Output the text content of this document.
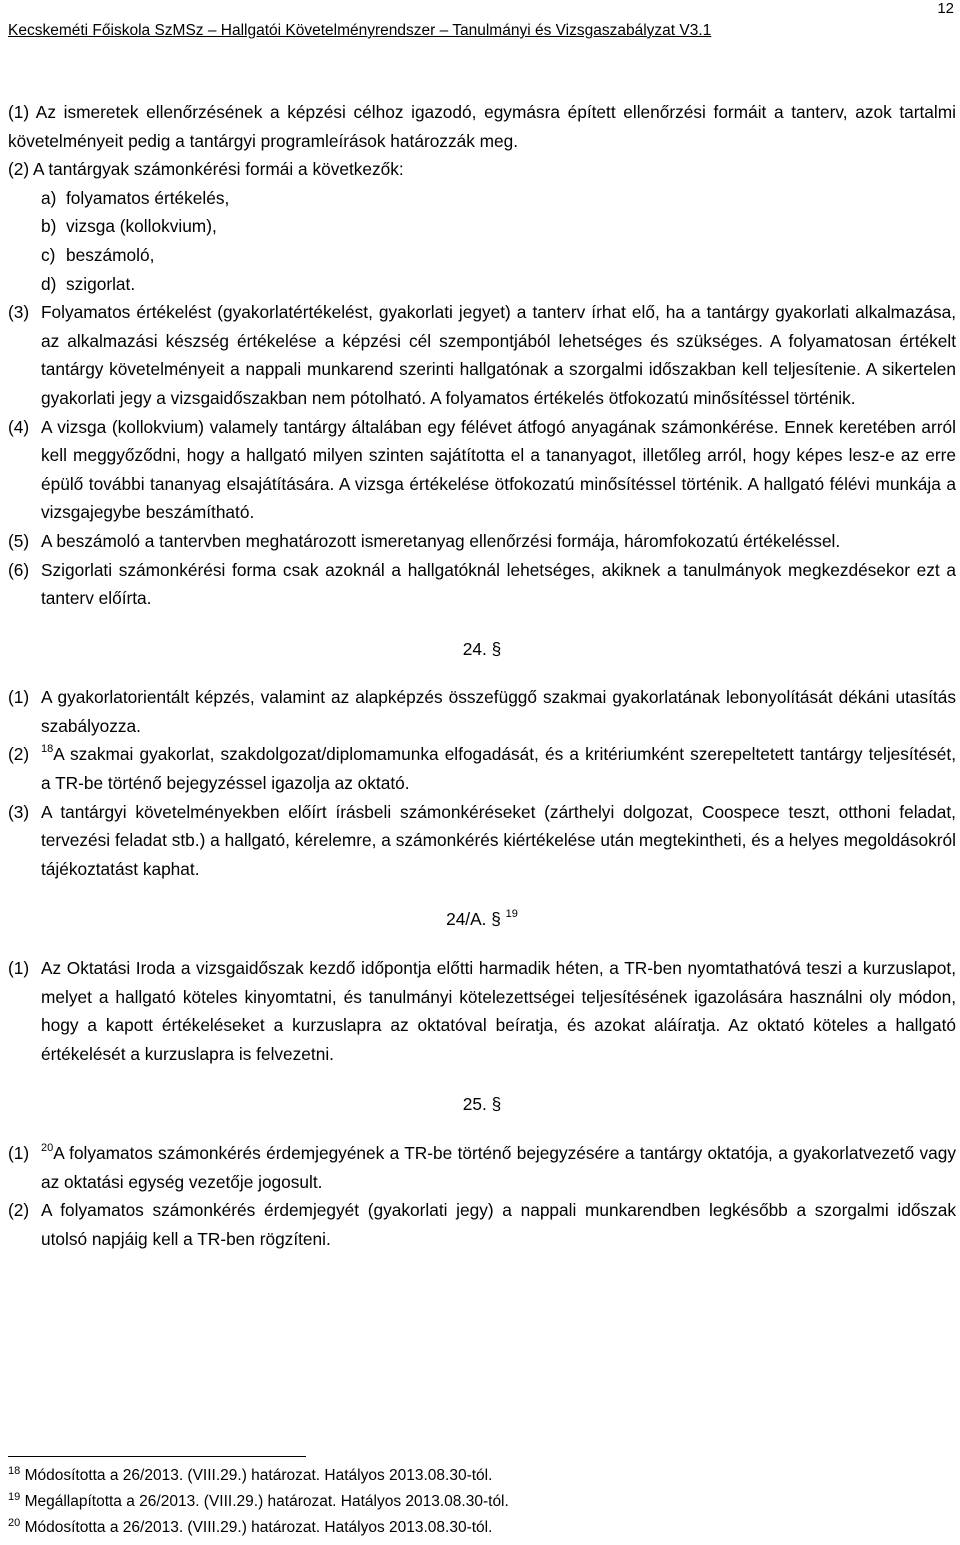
12
Kecskeméti Főiskola SzMSz – Hallgatói Követelményrendszer – Tanulmányi és Vizsgaszabályzat V3.1
(1) Az ismeretek ellenőrzésének a képzési célhoz igazodó, egymásra épített ellenőrzési formáit a tanterv, azok tartalmi követelményeit pedig a tantárgyi programleírások határozzák meg.
(2) A tantárgyak számonkérési formái a következők:
a) folyamatos értékelés,
b) vizsga (kollokvium),
c) beszámoló,
d) szigorlat.
(3) Folyamatos értékelést (gyakorlatértékelést, gyakorlati jegyet) a tanterv írhat elő, ha a tantárgy gyakorlati alkalmazása, az alkalmazási készség értékelése a képzési cél szempontjából lehetséges és szükséges. A folyamatosan értékelt tantárgy követelményeit a nappali munkarend szerinti hallgatónak a szorgalmi időszakban kell teljesítenie. A sikertelen gyakorlati jegy a vizsgaidőszakban nem pótolható. A folyamatos értékelés ötfokozatú minősítéssel történik.
(4) A vizsga (kollokvium) valamely tantárgy általában egy félévet átfogó anyagának számonkérése. Ennek keretében arról kell meggyőződni, hogy a hallgató milyen szinten sajátította el a tananyagot, illetőleg arról, hogy képes lesz-e az erre épülő további tananyag elsajátítására. A vizsga értékelése ötfokozatú minősítéssel történik. A hallgató félévi munkája a vizsgajegybe beszámítható.
(5) A beszámoló a tantervben meghatározott ismeretanyag ellenőrzési formája, háromfokozatú értékeléssel.
(6) Szigorlati számonkérési forma csak azoknál a hallgatóknál lehetséges, akiknek a tanulmányok megkezdésekor ezt a tanterv előírta.
24. §
(1) A gyakorlatorientált képzés, valamint az alapképzés összefüggő szakmai gyakorlatának lebonyolítását dékáni utasítás szabályozza.
(2)	$^{18}$A szakmai gyakorlat, szakdolgozat/diplomamunka elfogadását, és a kritériumként szerepeltetett tantárgy teljesítését, a TR-be történő bejegyzéssel igazolja az oktató.
(3) A tantárgyi követelményekben előírt írásbeli számonkéréseket (zárthelyi dolgozat, Coospece teszt, otthoni feladat, tervezési feladat stb.) a hallgató, kérelemre, a számonkérés kiértékelése után megtekintheti, és a helyes megoldásokról tájékoztatást kaphat.
24/A. § $^{19}$
(1) Az Oktatási Iroda a vizsgaidőszak kezdő időpontja előtti harmadik héten, a TR-ben nyomtathatóvá teszi a kurzuslapot, melyet a hallgató köteles kinyomtatni, és tanulmányi kötelezettségei teljesítésének igazolására használni oly módon, hogy a kapott értékeléseket a kurzuslapra az oktatóval beíratja, és azokat aláíratja. Az oktató köteles a hallgató értékelését a kurzuslapra is felvezetni.
25. §
(1)	$^{20}$A folyamatos számonkérés érdemjegyének a TR-be történő bejegyzésére a tantárgy oktatója, a gyakorlatvezető vagy az oktatási egység vezetője jogosult.
(2) A folyamatos számonkérés érdemjegyét (gyakorlati jegy) a nappali munkarendben legkésőbb a szorgalmi időszak utolsó napjáig kell a TR-ben rögzíteni.
$^{18}$ Módosította a 26/2013. (VIII.29.) határozat. Hatályos 2013.08.30-tól.
$^{19}$ Megállapította a 26/2013. (VIII.29.) határozat. Hatályos 2013.08.30-tól.
$^{20}$ Módosította a 26/2013. (VIII.29.) határozat. Hatályos 2013.08.30-tól.
